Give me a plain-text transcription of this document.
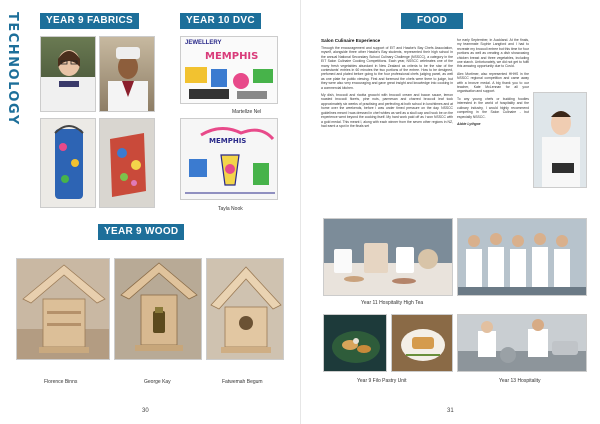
TECHNOLOGY	YEAR 9 FABRICS	YEAR 10 DVC
JEWELLERY
MEMPHIS
Martellze Nel
MEMPHIS
Tayla Nook
YEAR 9 WOOD
Florence Binns	George Kay	Fatwemah Begum
30
FOOD
Salon Culinaire Experience

Through the encouragement and support of EIT and Hawke's Bay Chefs Association, myself, alongside three other Hawke's Bay students, represented their high school in the annual National Secondary School Culinary Challenge (NSSCC), a category in the EIT Salon Culinaire Cooking Competitions. Each year, NSSCC celebrates one of the many fresh vegetables abundant in New Zealand as criteria to be the star of the contestants' entries in 60 minutes the two portions of the entree. How to be designed, prefomed and plated before going to the four professional chefs judging panel, as well as one plate for public viewing. First and foremost the chefs were there to judge, but they were also very encouraging and gave great insight and knowledge into cooking in a commercial kitchen.

My dish, broccoli and ricotta gnocchi with broccoli cream and bacon sauce, lemon roasted broccoli florets, pine nuts, parmesan and charred broccoli leaf took approximately six weeks of practising and perfecting at both school in lunchtimes and at home over the weekends, before I was under timed pressure on the day. NSSCC guidelines meant I was dressed in chef whites as well as a skull cap and hook be on the experience went beyond the cooking itself. My hard work paid off as I won NSSCC with a gold medal. This meant I, along with each winner from the seven other regions in NZ, had earnt a spot in the finals set

for early September, in Auckland. At the finals, my teammate Sophie Langford and I had to recreate my broccoli entree but this time for four portions as well as creating a dish showcasing chicken breast and three vegetables, including one starch. Unfortunately, we did not get to fulfil this amazing opportunity due to Covid.

Alex Mortimer, also represented HHHS in the NSSCC regional competition and came away with a bronze medal. A big thank you to our teacher, Kate McLennan for all your organisation and support.

To any young chefs or budding foodies interested in the world of hospitality and the culinary industry, I would highly recommend competing in the Salon Culinaire - but especially NSSCC.

Abbie Lythgoe

Year 11 Hospitality High Tea
Year 9 Filo Pastry Unit	Year 13 Hospitality
31
